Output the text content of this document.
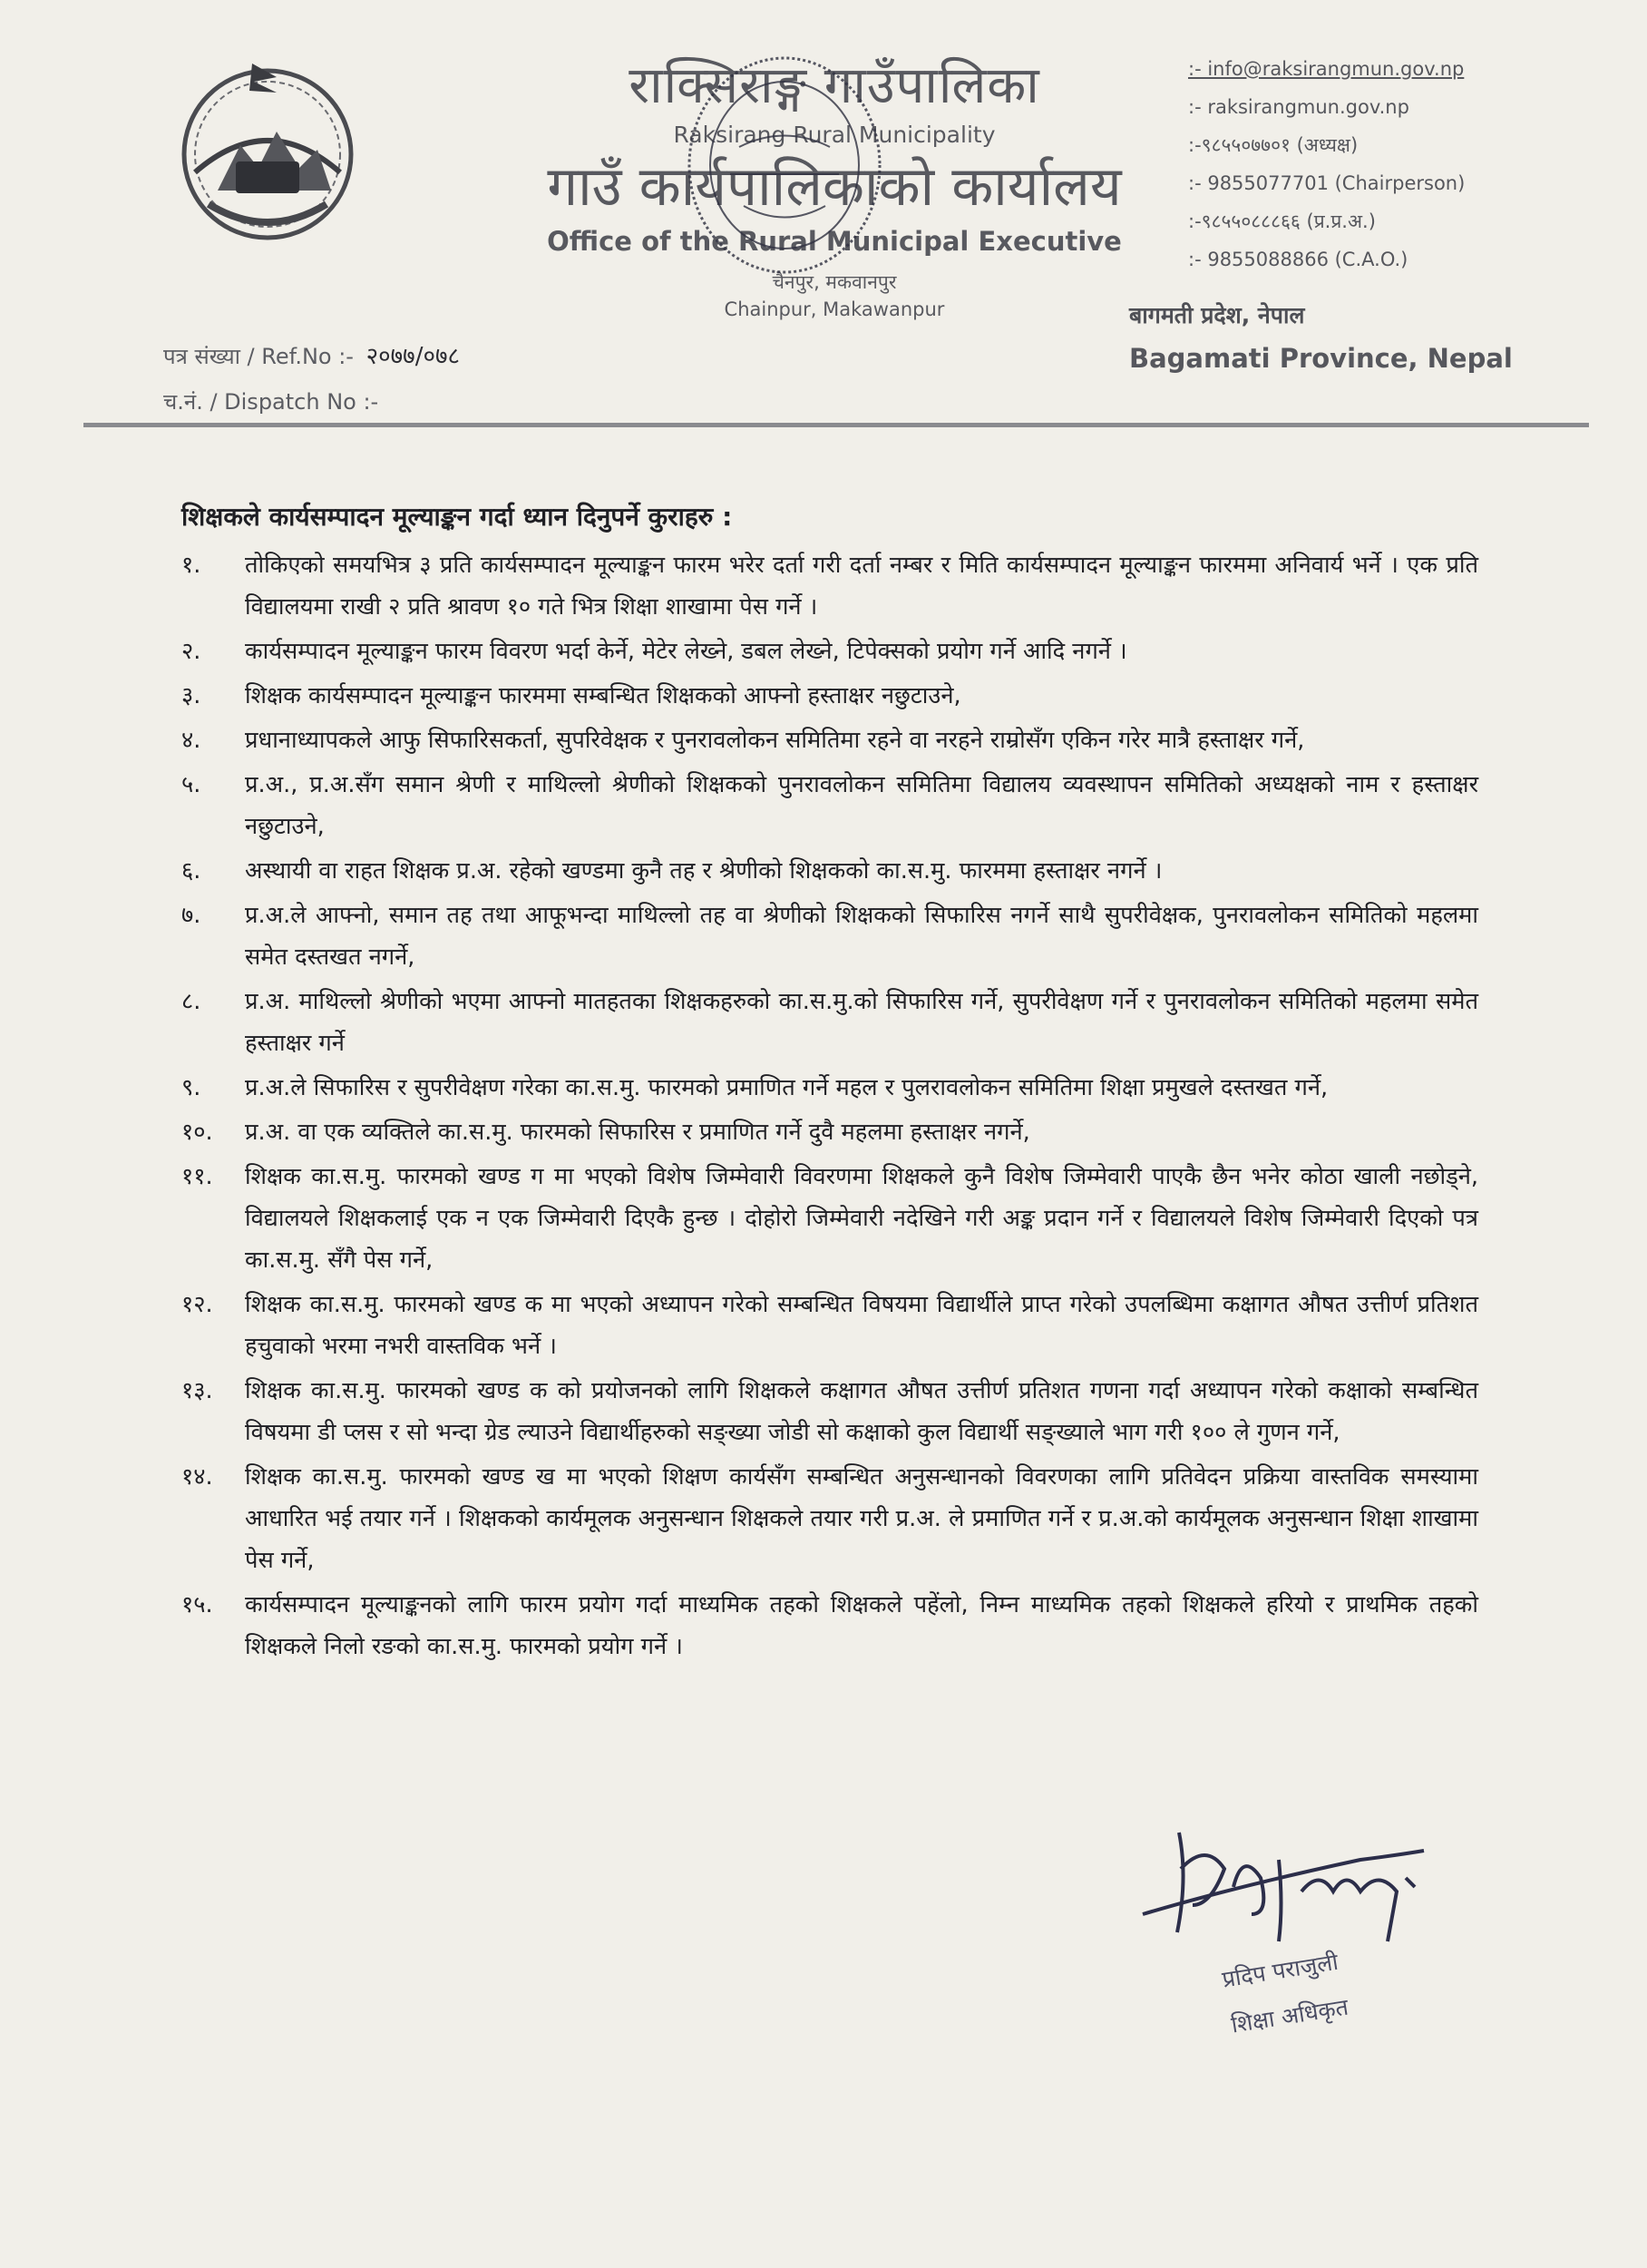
राक्सिराङ्ग गाउँपालिका
Raksirang Rural Municipality
गाउँ कार्यपालिकाको कार्यालय
Office of the Rural Municipal Executive
चैनपुर, मकवानपुर
Chainpur, Makawanpur
:- info@raksirangmun.gov.np
:- raksirangmun.gov.np
:-९८५५०७७०१ (अध्यक्ष)
:- 9855077701 (Chairperson)
:-९८५५०८८८६६ (प्र.प्र.अ.)
:- 9855088866 (C.A.O.)
बागमती प्रदेश, नेपाल
Bagamati Province, Nepal
पत्र संख्या / Ref.No :- २०७७/०७८
च.नं. / Dispatch No :-
शिक्षकले कार्यसम्पादन मूल्याङ्कन गर्दा ध्यान दिनुपर्ने कुराहरु :
१.	तोकिएको समयभित्र ३ प्रति कार्यसम्पादन मूल्याङ्कन फारम भरेर दर्ता गरी दर्ता नम्बर र मिति कार्यसम्पादन मूल्याङ्कन फारममा अनिवार्य भर्ने । एक प्रति विद्यालयमा राखी २ प्रति श्रावण १० गते भित्र शिक्षा शाखामा पेस गर्ने ।
२.	कार्यसम्पादन मूल्याङ्कन फारम विवरण भर्दा केर्ने, मेटेर लेख्ने, डबल लेख्ने, टिपेक्सको प्रयोग गर्ने आदि नगर्ने ।
३.	शिक्षक कार्यसम्पादन मूल्याङ्कन फारममा सम्बन्धित शिक्षकको आफ्नो हस्ताक्षर नछुटाउने,
४.	प्रधानाध्यापकले आफु सिफारिसकर्ता, सुपरिवेक्षक र पुनरावलोकन समितिमा रहने वा नरहने राम्रोसँग एकिन गरेर मात्रै हस्ताक्षर गर्ने,
५.	प्र.अ., प्र.अ.सँग समान श्रेणी र माथिल्लो श्रेणीको शिक्षकको पुनरावलोकन समितिमा विद्यालय व्यवस्थापन समितिको अध्यक्षको नाम र हस्ताक्षर नछुटाउने,
६.	अस्थायी वा राहत शिक्षक प्र.अ. रहेको खण्डमा कुनै तह र श्रेणीको शिक्षकको का.स.मु. फारममा हस्ताक्षर नगर्ने ।
७.	प्र.अ.ले आफ्नो, समान तह तथा आफूभन्दा माथिल्लो तह वा श्रेणीको शिक्षकको सिफारिस नगर्ने साथै सुपरीवेक्षक, पुनरावलोकन समितिको महलमा समेत दस्तखत नगर्ने,
८.	प्र.अ. माथिल्लो श्रेणीको भएमा आफ्नो मातहतका शिक्षकहरुको का.स.मु.को सिफारिस गर्ने, सुपरीवेक्षण गर्ने र पुनरावलोकन समितिको महलमा समेत हस्ताक्षर गर्ने
९.	प्र.अ.ले सिफारिस र सुपरीवेक्षण गरेका का.स.मु. फारमको प्रमाणित गर्ने महल र पुलरावलोकन समितिमा शिक्षा प्रमुखले दस्तखत गर्ने,
१०.	प्र.अ. वा एक व्यक्तिले का.स.मु. फारमको सिफारिस र प्रमाणित गर्ने दुवै महलमा हस्ताक्षर नगर्ने,
११.	शिक्षक का.स.मु. फारमको खण्ड ग मा भएको विशेष जिम्मेवारी विवरणमा शिक्षकले कुनै विशेष जिम्मेवारी पाएकै छैन भनेर कोठा खाली नछोड्ने, विद्यालयले शिक्षकलाई एक न एक जिम्मेवारी दिएकै हुन्छ । दोहोरो जिम्मेवारी नदेखिने गरी अङ्क प्रदान गर्ने र विद्यालयले विशेष जिम्मेवारी दिएको पत्र का.स.मु. सँगै पेस गर्ने,
१२.	शिक्षक का.स.मु. फारमको खण्ड क मा भएको अध्यापन गरेको सम्बन्धित विषयमा विद्यार्थीले प्राप्त गरेको उपलब्धिमा कक्षागत औषत उत्तीर्ण प्रतिशत हचुवाको भरमा नभरी वास्तविक भर्ने ।
१३.	शिक्षक का.स.मु. फारमको खण्ड क को प्रयोजनको लागि शिक्षकले कक्षागत औषत उत्तीर्ण प्रतिशत गणना गर्दा अध्यापन गरेको कक्षाको सम्बन्धित विषयमा डी प्लस र सो भन्दा ग्रेड ल्याउने विद्यार्थीहरुको सङ्ख्या जोडी सो कक्षाको कुल विद्यार्थी सङ्ख्याले भाग गरी १०० ले गुणन गर्ने,
१४.	शिक्षक का.स.मु. फारमको खण्ड ख मा भएको शिक्षण कार्यसँग सम्बन्धित अनुसन्धानको विवरणका लागि प्रतिवेदन प्रक्रिया वास्तविक समस्यामा आधारित भई तयार गर्ने । शिक्षकको कार्यमूलक अनुसन्धान शिक्षकले तयार गरी प्र.अ. ले प्रमाणित गर्ने र प्र.अ.को कार्यमूलक अनुसन्धान शिक्षा शाखामा पेस गर्ने,
१५.	कार्यसम्पादन मूल्याङ्कनको लागि फारम प्रयोग गर्दा माध्यमिक तहको शिक्षकले पहेंलो, निम्न माध्यमिक तहको शिक्षकले हरियो र प्राथमिक तहको शिक्षकले निलो रङको का.स.मु. फारमको प्रयोग गर्ने ।
प्रदिप पराजुली
शिक्षा अधिकृत
